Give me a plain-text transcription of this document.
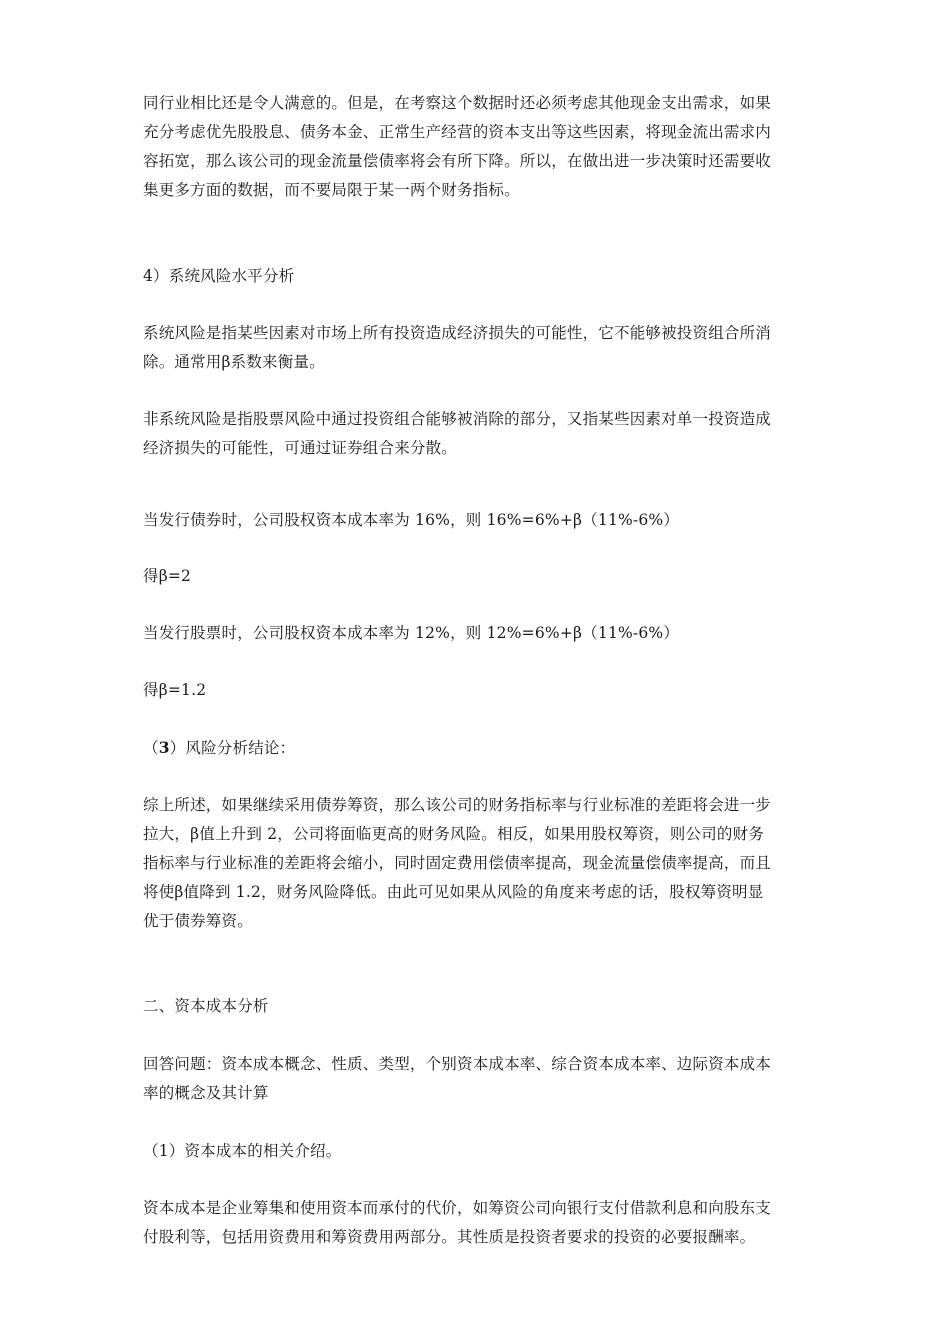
同行业相比还是令人满意的。但是，在考察这个数据时还必须考虑其他现金支出需求，如果
充分考虑优先股股息、债务本金、正常生产经营的资本支出等这些因素，将现金流出需求内
容拓宽，那么该公司的现金流量偿债率将会有所下降。所以，在做出进一步决策时还需要收
集更多方面的数据，而不要局限于某一两个财务指标。

4）系统风险水平分析

系统风险是指某些因素对市场上所有投资造成经济损失的可能性，它不能够被投资组合所消
除。通常用β系数来衡量。

非系统风险是指股票风险中通过投资组合能够被消除的部分，又指某些因素对单一投资造成
经济损失的可能性，可通过证券组合来分散。

当发行债券时，公司股权资本成本率为 16%，则 16%=6%+β（11%-6%）

得β=2

当发行股票时，公司股权资本成本率为 12%，则 12%=6%+β（11%-6%）

得β=1.2

（3）风险分析结论：

综上所述，如果继续采用债券筹资，那么该公司的财务指标率与行业标准的差距将会进一步
拉大，β值上升到 2，公司将面临更高的财务风险。相反，如果用股权筹资，则公司的财务
指标率与行业标准的差距将会缩小，同时固定费用偿债率提高，现金流量偿债率提高，而且
将使β值降到 1.2，财务风险降低。由此可见如果从风险的角度来考虑的话，股权筹资明显
优于债券筹资。

二、资本成本分析

回答问题：资本成本概念、性质、类型，个别资本成本率、综合资本成本率、边际资本成本
率的概念及其计算

（1）资本成本的相关介绍。

资本成本是企业筹集和使用资本而承付的代价，如筹资公司向银行支付借款利息和向股东支
付股利等，包括用资费用和筹资费用两部分。其性质是投资者要求的投资的必要报酬率。
